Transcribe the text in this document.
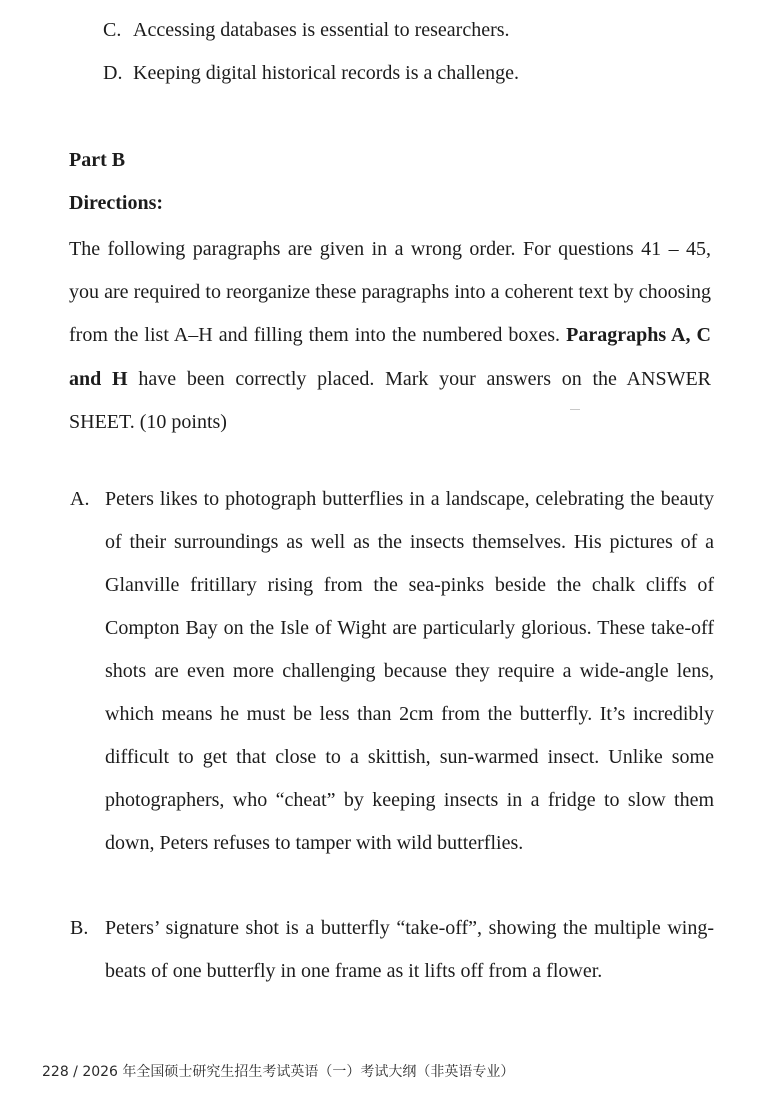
C. Accessing databases is essential to researchers.
D. Keeping digital historical records is a challenge.
Part B
Directions:
The following paragraphs are given in a wrong order. For questions 41 – 45, you are required to reorganize these paragraphs into a coherent text by choosing from the list A–H and filling them into the numbered boxes. Paragraphs A, C and H have been correctly placed. Mark your answers on the ANSWER SHEET. (10 points)
A. Peters likes to photograph butterflies in a landscape, celebrating the beauty of their surroundings as well as the insects themselves. His pictures of a Glanville fritillary rising from the sea-pinks beside the chalk cliffs of Compton Bay on the Isle of Wight are particularly glorious. These take-off shots are even more challenging because they require a wide-angle lens, which means he must be less than 2cm from the butterfly. It’s incredibly difficult to get that close to a skittish, sun-warmed insect. Unlike some photographers, who “cheat” by keeping insects in a fridge to slow them down, Peters refuses to tamper with wild butterflies.
B. Peters’ signature shot is a butterfly “take-off”, showing the multiple wing-beats of one butterfly in one frame as it lifts off from a flower.
228 / 2026 年全国硕士研究生招生考试英语（一）考试大纲（非英语专业）
